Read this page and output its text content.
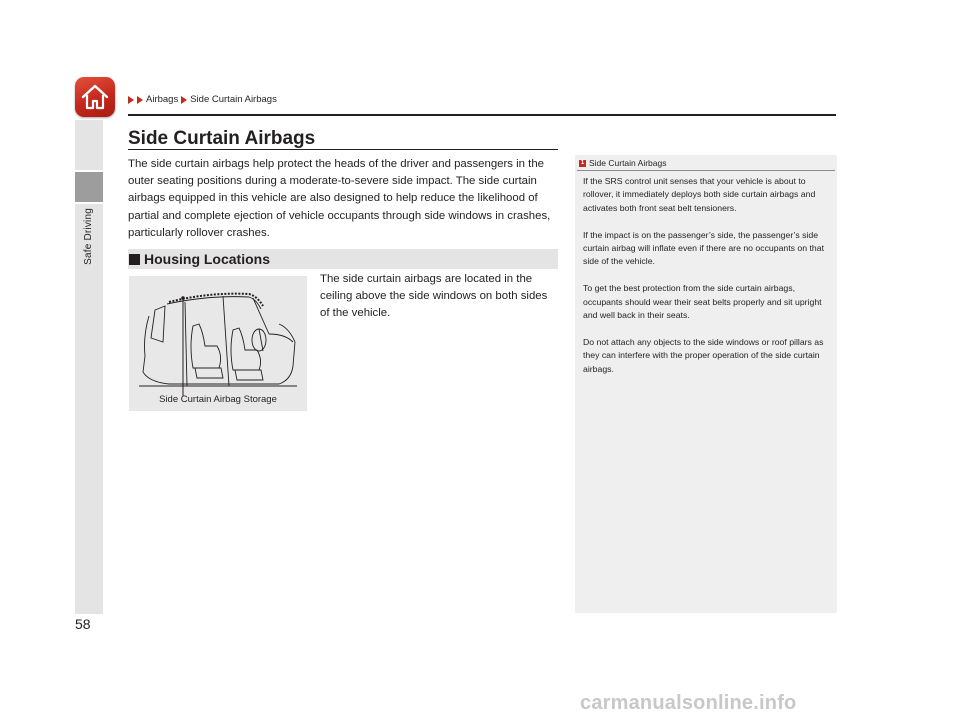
Safe Driving
Airbags Side Curtain Airbags
Side Curtain Airbags
The side curtain airbags help protect the heads of the driver and passengers in the outer seating positions during a moderate-to-severe side impact. The side curtain airbags equipped in this vehicle are also designed to help reduce the likelihood of partial and complete ejection of vehicle occupants through side windows in crashes, particularly rollover crashes.
Housing Locations
Side Curtain Airbag Storage
The side curtain airbags are located in the ceiling above the side windows on both sides of the vehicle.
1 Side Curtain Airbags

If the SRS control unit senses that your vehicle is about to rollover, it immediately deploys both side curtain airbags and activates both front seat belt tensioners.

If the impact is on the passenger’s side, the passenger’s side curtain airbag will inflate even if there are no occupants on that side of the vehicle.

To get the best protection from the side curtain airbags, occupants should wear their seat belts properly and sit upright and well back in their seats.

Do not attach any objects to the side windows or roof pillars as they can interfere with the proper operation of the side curtain airbags.

58
carmanualsonline.info
